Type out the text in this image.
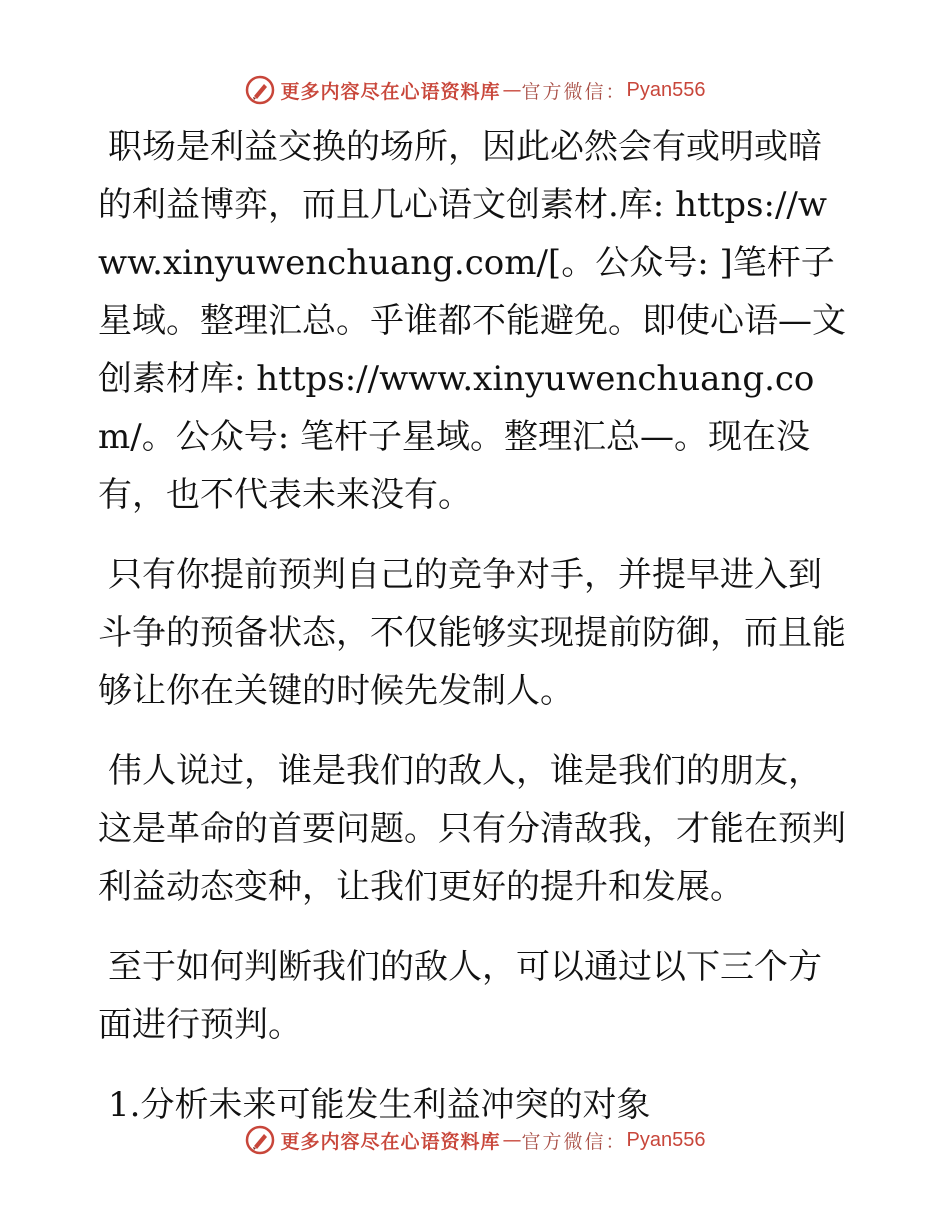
更多内容尽在心语资料库 — 官方微信： Pyan556

职场是利益交换的场所，因此必然会有或明或暗的利益博弈，而且几心语文创素材.库: https://www.xinyuwenchuang.com/[。公众号: ]笔杆子星域。整理汇总。乎谁都不能避免。即使心语—文创素材库: https://www.xinyuwenchuang.com/。公众号: 笔杆子星域。整理汇总—。现在没有，也不代表未来没有。

只有你提前预判自己的竞争对手，并提早进入到斗争的预备状态，不仅能够实现提前防御，而且能够让你在关键的时候先发制人。

伟人说过，谁是我们的敌人，谁是我们的朋友，这是革命的首要问题。只有分清敌我，才能在预判利益动态变种，让我们更好的提升和发展。

至于如何判断我们的敌人，可以通过以下三个方面进行预判。

1.分析未来可能发生利益冲突的对象

更多内容尽在心语资料库 — 官方微信： Pyan556
